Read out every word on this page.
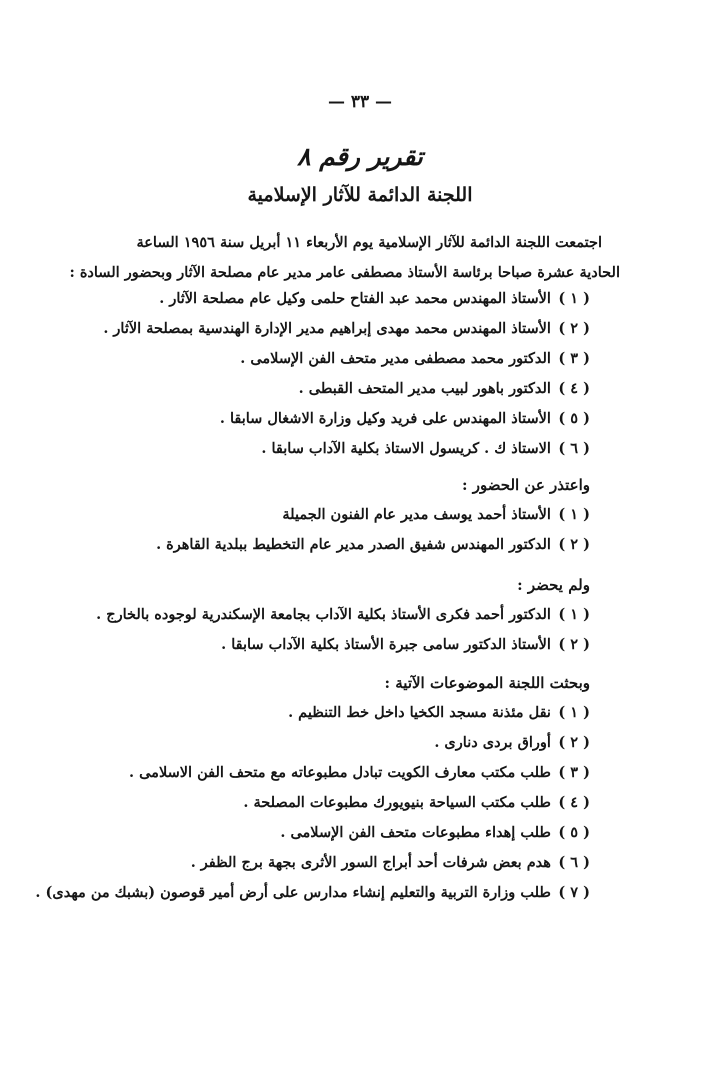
— ٣٣ —
تقرير رقم ٨
اللجنة الدائمة للآثار الإسلامية
اجتمعت اللجنة الدائمة للآثار الإسلامية يوم الأربعاء ١١ أبريل سنة ١٩٥٦ الساعة
الحادية عشرة صباحا برئاسة الأستاذ مصطفى عامر مدير عام مصلحة الآثار وبحضور السادة :
( ١ ) الأستاذ المهندس محمد عبد الفتاح حلمى وكيل عام مصلحة الآثار .
( ٢ ) الأستاذ المهندس محمد مهدى إبراهيم مدير الإدارة الهندسية بمصلحة الآثار .
( ٣ ) الدكتور محمد مصطفى مدير متحف الفن الإسلامى .
( ٤ ) الدكتور باهور لبيب مدير المتحف القبطى .
( ٥ ) الأستاذ المهندس على فريد وكيل وزارة الاشغال سابقا .
( ٦ ) الاستاذ ك . كريسول الاستاذ بكلية الآداب سابقا .
واعتذر عن الحضور :
( ١ ) الأستاذ أحمد يوسف مدير عام الفنون الجميلة
( ٢ ) الدكتور المهندس شفيق الصدر مدير عام التخطيط ببلدية القاهرة .
ولم يحضر :
( ١ ) الدكتور أحمد فكرى الأستاذ بكلية الآداب بجامعة الإسكندرية لوجوده بالخارج .
( ٢ ) الأستاذ الدكتور سامى جبرة الأستاذ بكلية الآداب سابقا .
وبحثت اللجنة الموضوعات الآتية :
( ١ ) نقل مئذنة مسجد الكخيا داخل خط التنظيم .
( ٢ ) أوراق بردى دنارى .
( ٣ ) طلب مكتب معارف الكويت تبادل مطبوعاته مع متحف الفن الاسلامى .
( ٤ ) طلب مكتب السياحة بنيويورك مطبوعات المصلحة .
( ٥ ) طلب إهداء مطبوعات متحف الفن الإسلامى .
( ٦ ) هدم بعض شرفات أحد أبراج السور الأثرى بجهة برج الظفر .
( ٧ ) طلب وزارة التربية والتعليم إنشاء مدارس على أرض أمير قوصون (بشبك من مهدى) .
